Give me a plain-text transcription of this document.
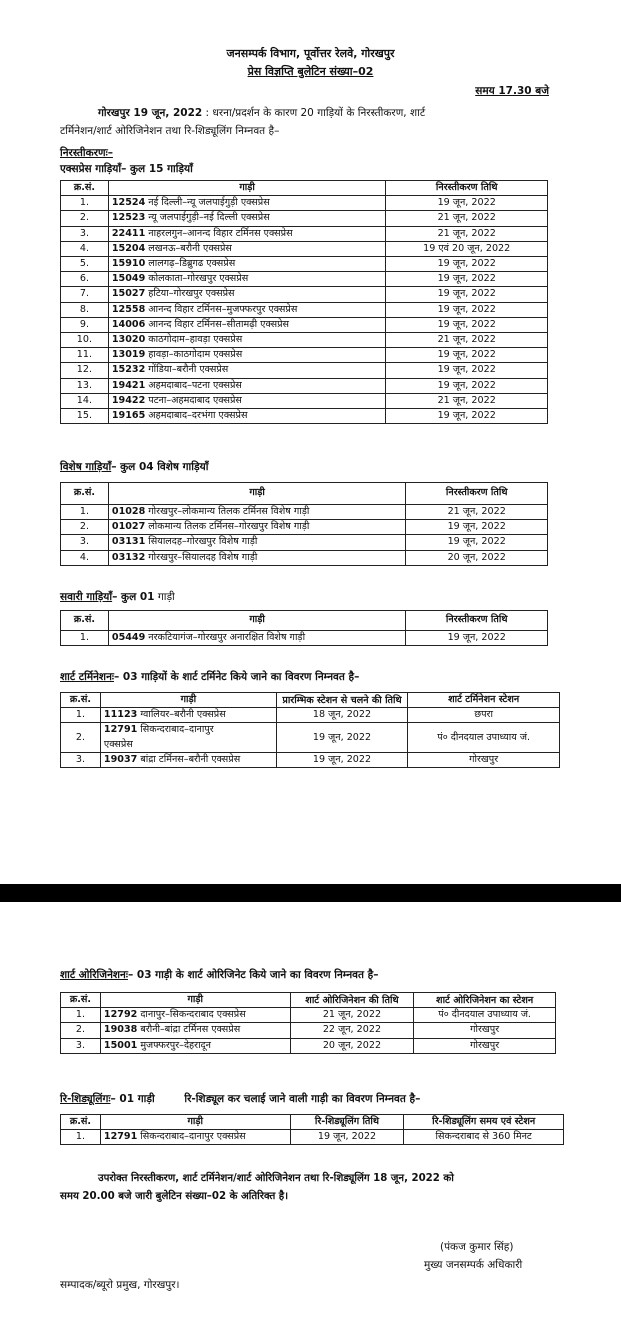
जनसम्पर्क विभाग, पूर्वोत्तर रेलवे, गोरखपुर
प्रेस विज्ञप्ति बुलेटिन संख्या–02
समय 17.30 बजे
गोरखपुर 19 जून, 2022 : धरना/प्रदर्शन के कारण 20 गाड़ियों के निरस्तीकरण, शार्ट
टर्मिनेशन/शार्ट ओरिजिनेशन तथा रि-शिड्यूलिंग निम्नवत है–
निरस्तीकरणः–
एक्सप्रेस गाड़ियाँ– कुल 15 गाड़ियाँ
क्र.सं.	गाड़ी	निरस्तीकरण तिथि
1.	12524 नई दिल्ली–न्यू जलपाईगुड़ी एक्सप्रेस	19 जून, 2022
2.	12523 न्यू जलपाईगुड़ी–नई दिल्ली एक्सप्रेस	21 जून, 2022
3.	22411 नाहरलगुन–आनन्द विहार टर्मिनस एक्सप्रेस	21 जून, 2022
4.	15204 लखनऊ–बरौनी एक्सप्रेस	19 एवं 20 जून, 2022
5.	15910 लालगढ़–डिब्रुगढ एक्सप्रेस	19 जून, 2022
6.	15049 कोलकाता–गोरखपुर एक्सप्रेस	19 जून, 2022
7.	15027 हटिया–गोरखपुर एक्सप्रेस	19 जून, 2022
8.	12558 आनन्द विहार टर्मिनस–मुजफ्फरपुर एक्सप्रेस	19 जून, 2022
9.	14006 आनन्द विहार टर्मिनस–सीतामढ़ी एक्सप्रेस	19 जून, 2022
10.	13020 काठगोदाम–हावड़ा एक्सप्रेस	21 जून, 2022
11.	13019 हावड़ा–काठगोदाम एक्सप्रेस	19 जून, 2022
12.	15232 गोंडिया–बरौनी एक्सप्रेस	19 जून, 2022
13.	19421 अहमदाबाद–पटना एक्सप्रेस	19 जून, 2022
14.	19422 पटना–अहमदाबाद एक्सप्रेस	21 जून, 2022
15.	19165 अहमदाबाद–दरभंगा एक्सप्रेस	19 जून, 2022
विशेष गाड़ियाँ– कुल 04 विशेष गाड़ियाँ
क्र.सं.	गाड़ी	निरस्तीकरण तिथि
1.	01028 गोरखपुर–लोकमान्य तिलक टर्मिनस विशेष गाड़ी	21 जून, 2022
2.	01027 लोकमान्य तिलक टर्मिनस–गोरखपुर विशेष गाड़ी	19 जून, 2022
3.	03131 सियालदह–गोरखपुर विशेष गाड़ी	19 जून, 2022
4.	03132 गोरखपुर–सियालदह विशेष गाड़ी	20 जून, 2022
सवारी गाड़ियाँ– कुल 01 गाड़ी
क्र.सं.	गाड़ी	निरस्तीकरण तिथि
1.	05449 नरकटियागंज–गोरखपुर अनारक्षित विशेष गाड़ी	19 जून, 2022
शार्ट टर्मिनेशनः– 03 गाड़ियों के शार्ट टर्मिनेट किये जाने का विवरण निम्नवत है–
क्र.सं.	गाड़ी	प्रारम्भिक स्टेशन से चलने की तिथि	शार्ट टर्मिनेशन स्टेशन
1.	11123 ग्वालियर–बरौनी एक्सप्रेस	18 जून, 2022	छपरा
2.	12791 सिकन्दराबाद–दानापुर
एक्सप्रेस	19 जून, 2022	पं० दीनदयाल उपाध्याय जं.
3.	19037 बांद्रा टर्मिनस–बरौनी एक्सप्रेस	19 जून, 2022	गोरखपुर
शार्ट ओरिजिनेशनः– 03 गाड़ी के शार्ट ओरिजिनेट किये जाने का विवरण निम्नवत है–
क्र.सं.	गाड़ी	शार्ट ओरिजिनेशन की तिथि	शार्ट ओरिजिनेशन का स्टेशन
1.	12792 दानापुर–सिकन्दराबाद एक्सप्रेस	21 जून, 2022	पं० दीनदयाल उपाध्याय जं.
2.	19038 बरौनी–बांद्रा टर्मिनस एक्सप्रेस	22 जून, 2022	गोरखपुर
3.	15001 मुजफ्फरपुर–देहरादून	20 जून, 2022	गोरखपुर
रि-शिड्यूलिंगः– 01 गाड़ी	रि-शिड्यूल कर चलाई जाने वाली गाड़ी का विवरण निम्नवत है–
क्र.सं.	गाड़ी	रि-शिड्यूलिंग तिथि	रि-शिड्यूलिंग समय एवं स्टेशन
1.	12791 सिकन्दराबाद–दानापुर एक्सप्रेस	19 जून, 2022	सिकन्दराबाद से 360 मिनट
उपरोक्त निरस्तीकरण, शार्ट टर्मिनेशन/शार्ट ओरिजिनेशन तथा रि-शिड्यूलिंग 18 जून, 2022 को
समय 20.00 बजे जारी बुलेटिन संख्या–02 के अतिरिक्त है।
(पंकज कुमार सिंह)
मुख्य जनसम्पर्क अधिकारी
सम्पादक/ब्यूरो प्रमुख, गोरखपुर।
